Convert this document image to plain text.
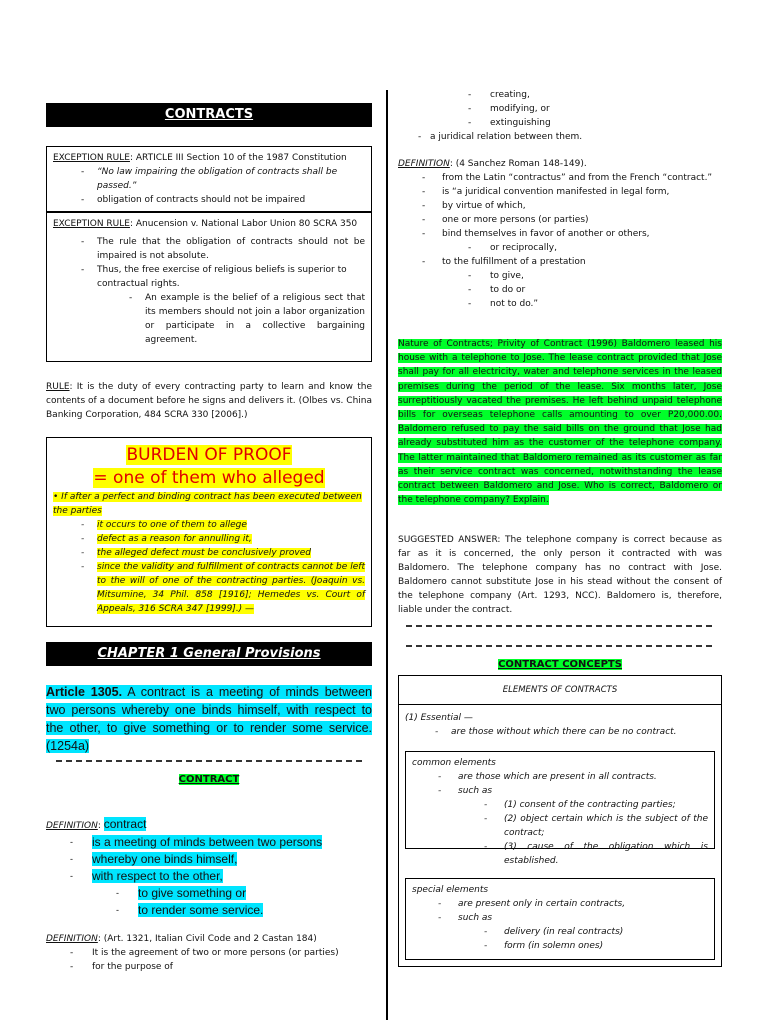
CONTRACTS
EXCEPTION RULE: ARTICLE III Section 10 of the 1987 Constitution
- “No law impairing the obligation of contracts shall be passed.”
- obligation of contracts should not be impaired
EXCEPTION RULE: Anucension v. National Labor Union 80 SCRA 350
- The rule that the obligation of contracts should not be impaired is not absolute.
- Thus, the free exercise of religious beliefs is superior to contractual rights.
- An example is the belief of a religious sect that its members should not join a labor organization or participate in a collective bargaining agreement.
RULE: It is the duty of every contracting party to learn and know the contents of a document before he signs and delivers it. (Olbes vs. China Banking Corporation, 484 SCRA 330 [2006].)
BURDEN OF PROOF
= one of them who alleged
• If after a perfect and binding contract has been executed between the parties
- it occurs to one of them to allege
- defect as a reason for annulling it,
- the alleged defect must be conclusively proved
- since the validity and fulfillment of contracts cannot be left to the will of one of the contracting parties. (Joaquin vs. Mitsumine, 34 Phil. 858 [1916]; Hemedes vs. Court of Appeals, 316 SCRA 347 [1999].) —
CHAPTER 1 General Provisions
Article 1305. A contract is a meeting of minds between two persons whereby one binds himself, with respect to the other, to give something or to render some service. (1254a)
CONTRACT
DEFINITION: contract
- is a meeting of minds between two persons
- whereby one binds himself,
- with respect to the other,
- to give something or
- to render some service.
DEFINITION: (Art. 1321, Italian Civil Code and 2 Castan 184)
- It is the agreement of two or more persons (or parties)
- for the purpose of
- creating,
- modifying, or
- extinguishing
- a juridical relation between them.
DEFINITION: (4 Sanchez Roman 148-149).
- from the Latin “contractus” and from the French “contract.”
- is “a juridical convention manifested in legal form,
- by virtue of which,
- one or more persons (or parties)
- bind themselves in favor of another or others,
- or reciprocally,
- to the fulfillment of a prestation
- to give,
- to do or
- not to do.”
Nature of Contracts; Privity of Contract (1996) Baldomero leased his house with a telephone to Jose. The lease contract provided that Jose shall pay for all electricity, water and telephone services in the leased premises during the period of the lease. Six months later, Jose surreptitiously vacated the premises. He left behind unpaid telephone bills for overseas telephone calls amounting to over P20,000.00. Baldomero refused to pay the said bills on the ground that Jose had already substituted him as the customer of the telephone company. The latter maintained that Baldomero remained as its customer as far as their service contract was concerned, notwithstanding the lease contract between Baldomero and Jose. Who is correct, Baldomero or the telephone company? Explain.
SUGGESTED ANSWER: The telephone company is correct because as far as it is concerned, the only person it contracted with was Baldomero. The telephone company has no contract with Jose. Baldomero cannot substitute Jose in his stead without the consent of the telephone company (Art. 1293, NCC). Baldomero is, therefore, liable under the contract.
CONTRACT CONCEPTS
ELEMENTS OF CONTRACTS
(1) Essential —
- are those without which there can be no contract.
common elements
- are those which are present in all contracts.
- such as
- (1) consent of the contracting parties;
- (2) object certain which is the subject of the contract;
- (3) cause of the obligation which is established.
special elements
- are present only in certain contracts,
- such as
- delivery (in real contracts)
- form (in solemn ones)
